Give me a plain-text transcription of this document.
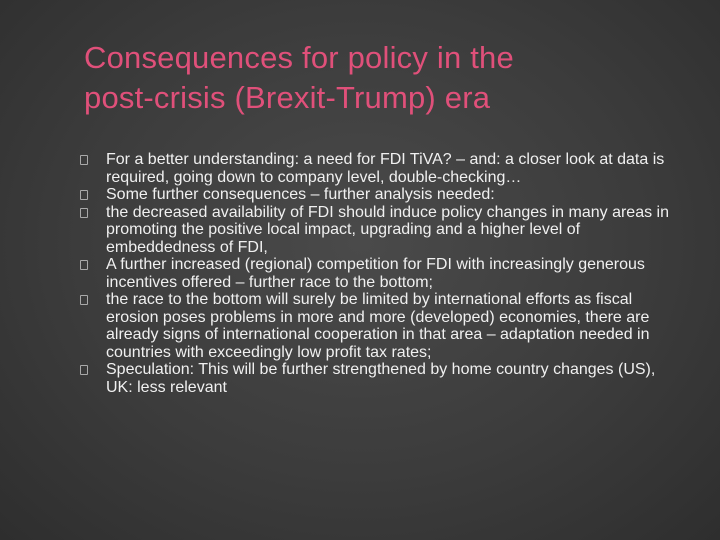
Consequences for policy in the
post-crisis (Brexit-Trump) era
For a better understanding: a need for FDI TiVA? – and: a closer look at data is required, going down to company level, double-checking…
Some further consequences – further analysis needed:
the decreased availability of FDI should induce policy changes in many areas in promoting the positive local impact, upgrading and a higher level of embeddedness of FDI,
A further increased (regional) competition for FDI with increasingly generous incentives offered – further race to the bottom;
the race to the bottom will surely be limited by international efforts as fiscal erosion poses problems in more and more (developed) economies, there are already signs of international cooperation in that area – adaptation needed in countries with exceedingly low profit tax rates;
Speculation: This will be further strengthened by home country changes (US), UK: less relevant
